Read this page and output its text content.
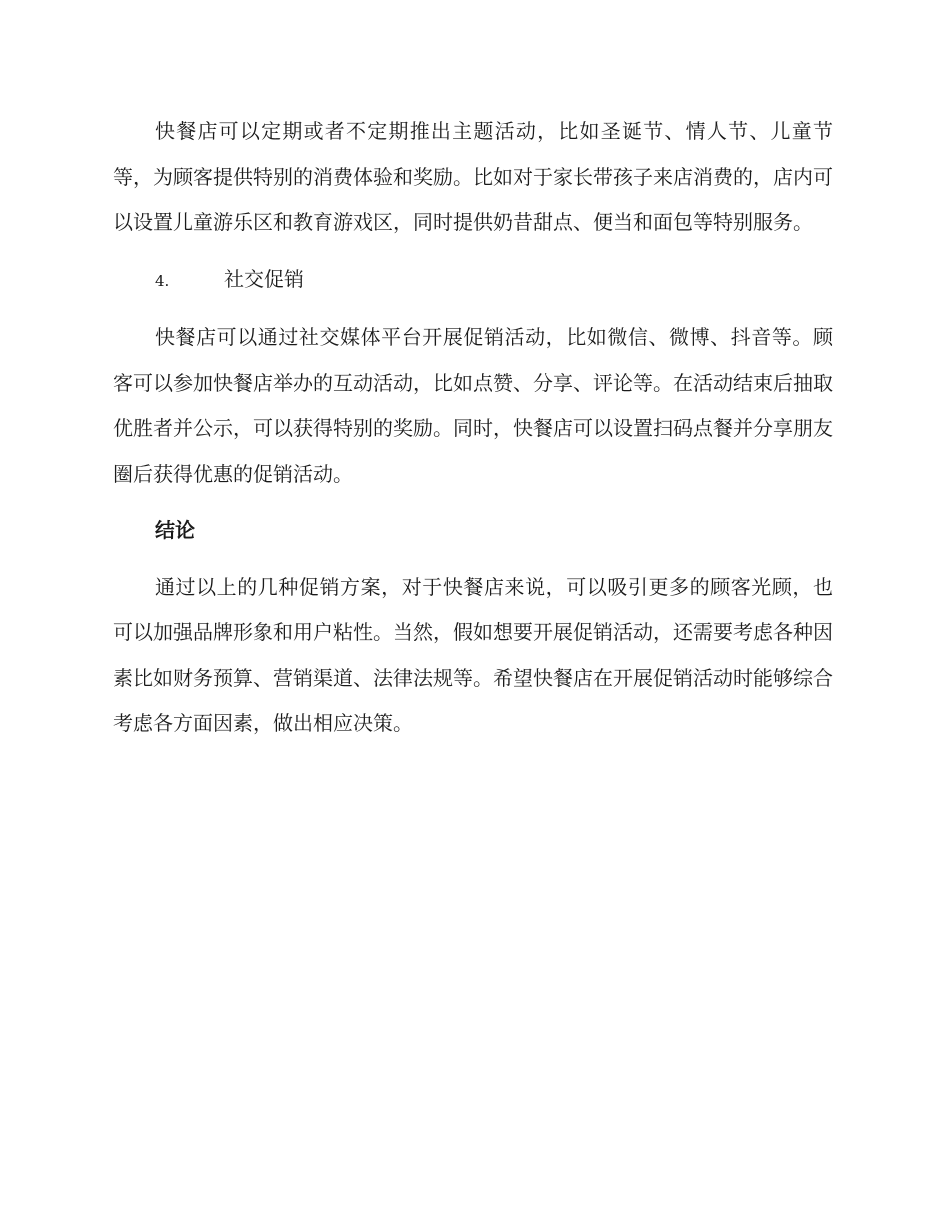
快餐店可以定期或者不定期推出主题活动，比如圣诞节、情人节、儿童节等，为顾客提供特别的消费体验和奖励。比如对于家长带孩子来店消费的，店内可以设置儿童游乐区和教育游戏区，同时提供奶昔甜点、便当和面包等特别服务。

4.	社交促销

快餐店可以通过社交媒体平台开展促销活动，比如微信、微博、抖音等。顾客可以参加快餐店举办的互动活动，比如点赞、分享、评论等。在活动结束后抽取优胜者并公示，可以获得特别的奖励。同时，快餐店可以设置扫码点餐并分享朋友圈后获得优惠的促销活动。

结论

通过以上的几种促销方案，对于快餐店来说，可以吸引更多的顾客光顾，也可以加强品牌形象和用户粘性。当然，假如想要开展促销活动，还需要考虑各种因素比如财务预算、营销渠道、法律法规等。希望快餐店在开展促销活动时能够综合考虑各方面因素，做出相应决策。
